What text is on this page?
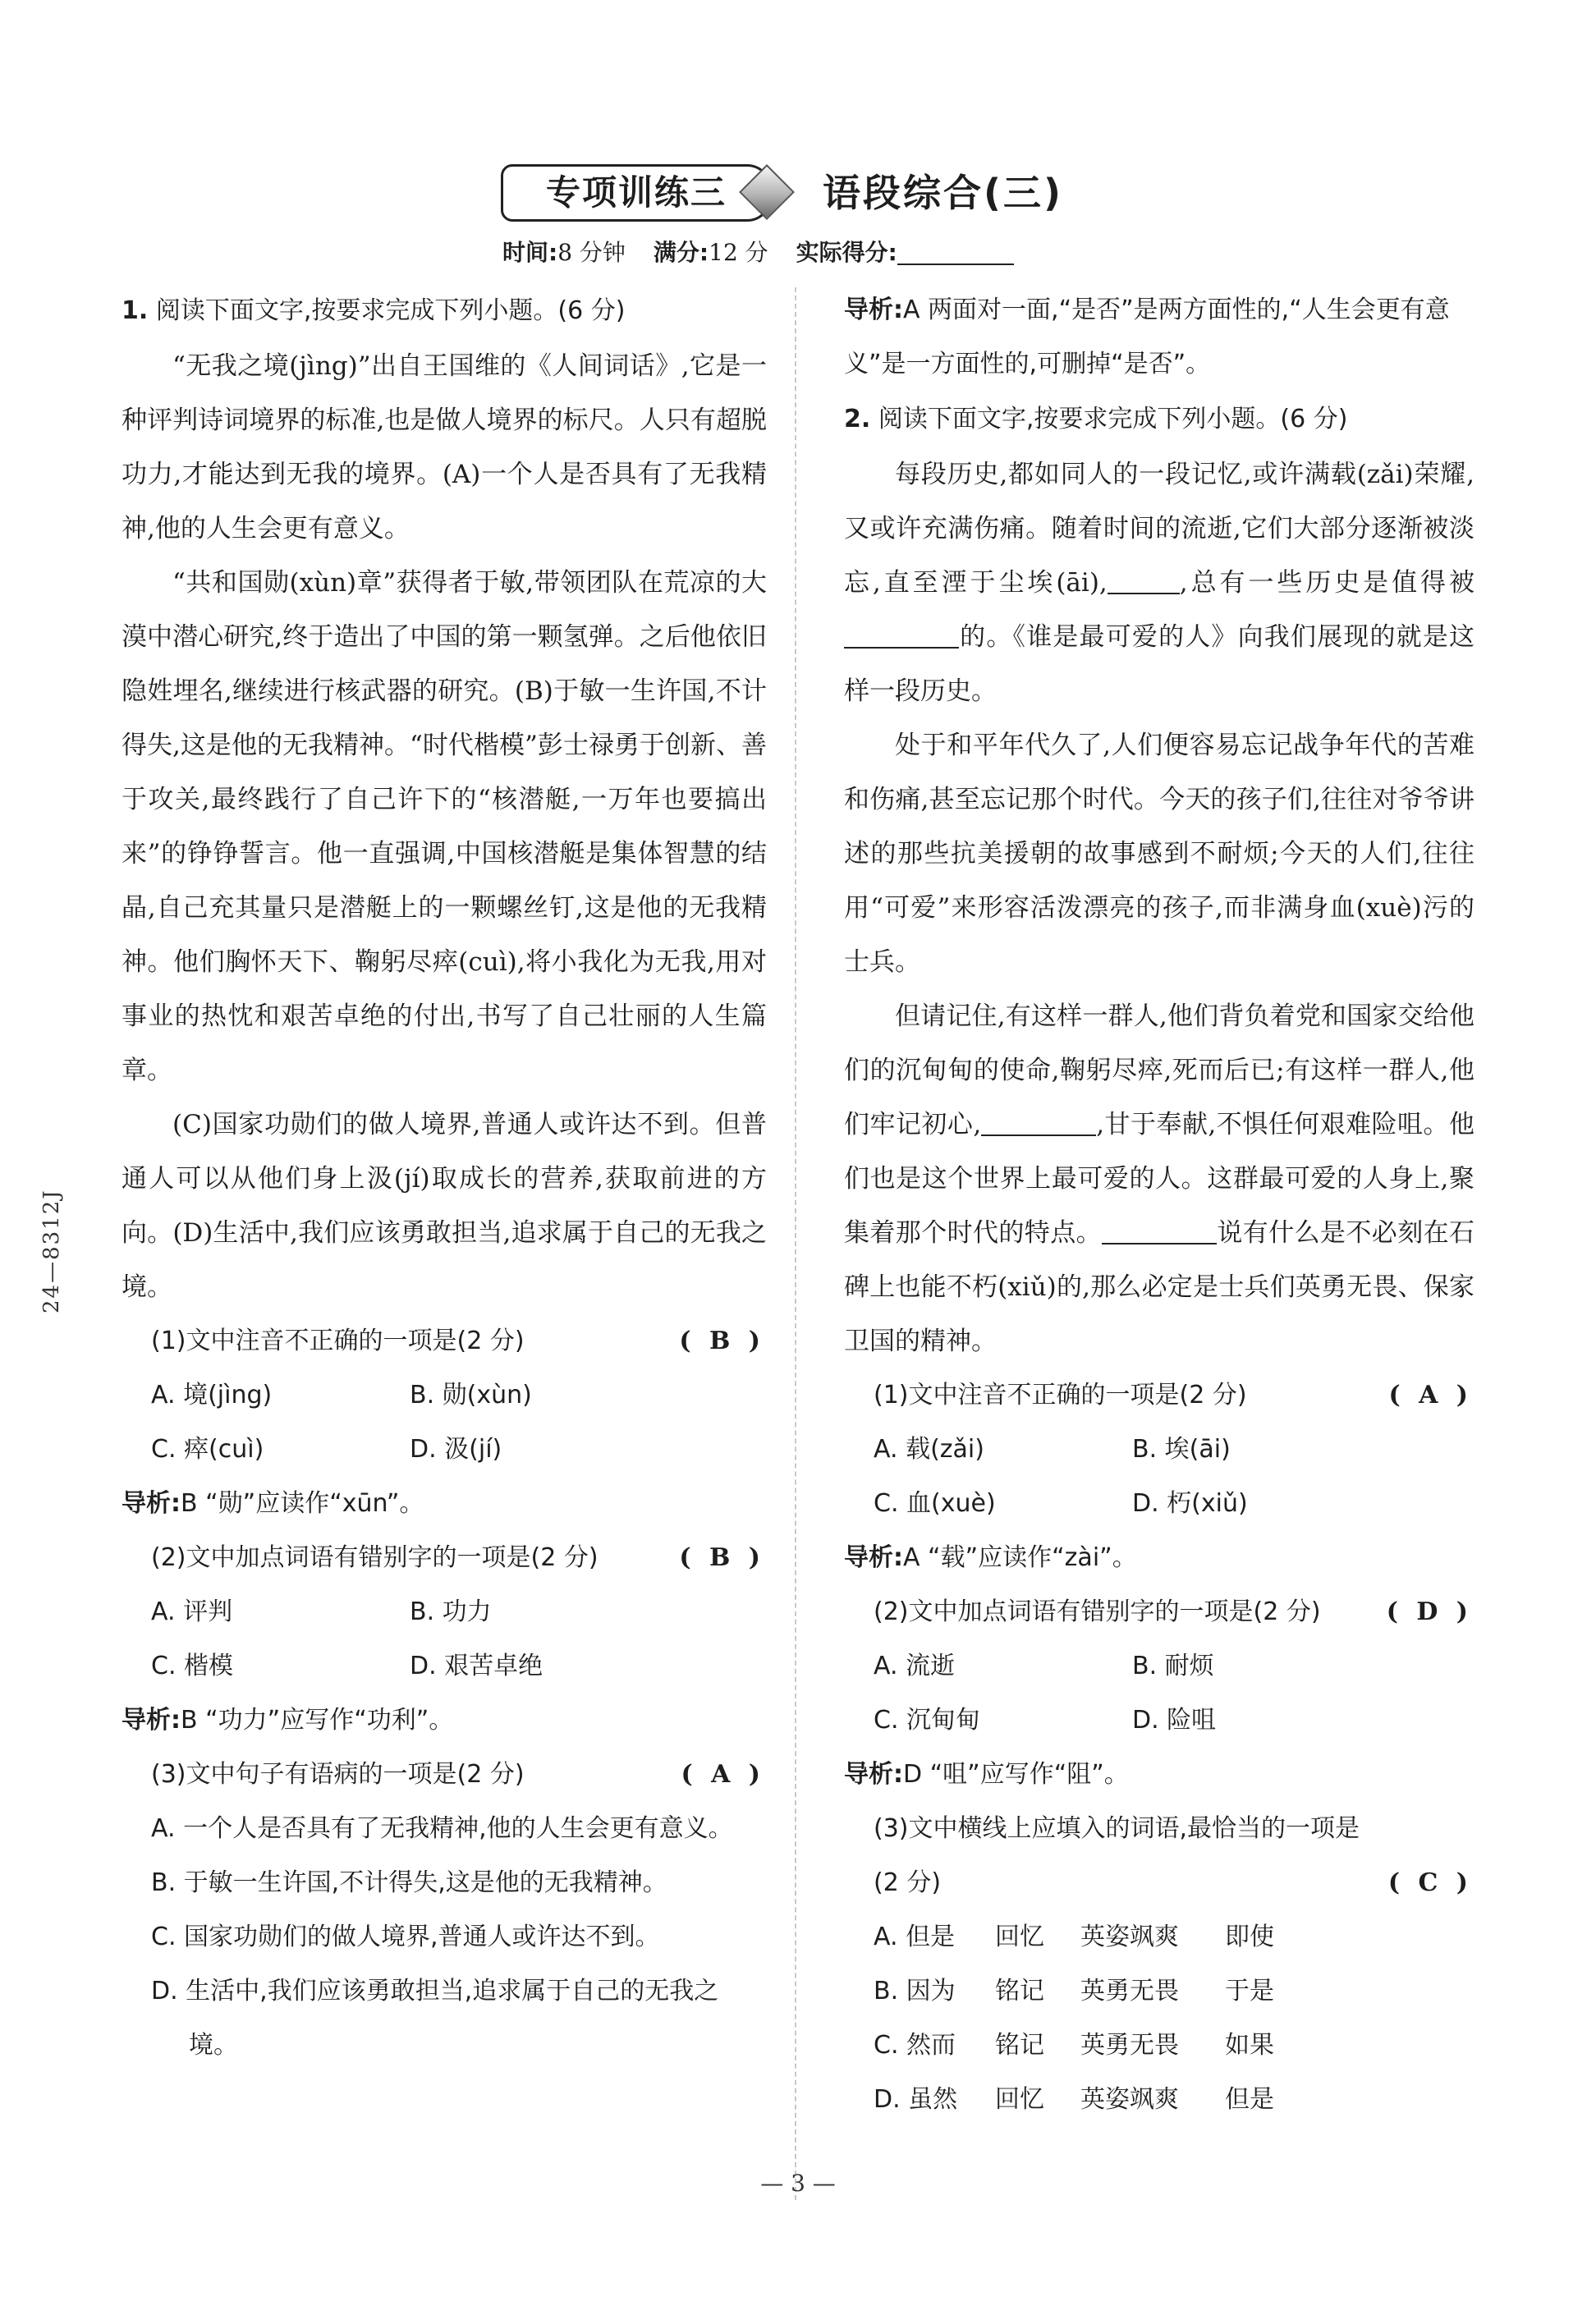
专项训练三	语段综合(三)
时间:8 分钟 满分:12 分 实际得分:
1. 阅读下面文字,按要求完成下列小题。(6 分)
“无我之境(jìng)”出自王国维的《人间词话》,它是一种评判诗词境界的标准,也是做人境界的标尺。人只有超脱功力,才能达到无我的境界。(A)一个人是否具有了无我精神,他的人生会更有意义。
“共和国勋(xùn)章”获得者于敏,带领团队在荒凉的大漠中潜心研究,终于造出了中国的第一颗氢弹。之后他依旧隐姓埋名,继续进行核武器的研究。(B)于敏一生许国,不计得失,这是他的无我精神。“时代楷模”彭士禄勇于创新、善于攻关,最终践行了自己许下的“核潜艇,一万年也要搞出来”的铮铮誓言。他一直强调,中国核潜艇是集体智慧的结晶,自己充其量只是潜艇上的一颗螺丝钉,这是他的无我精神。他们胸怀天下、鞠躬尽瘁(cuì),将小我化为无我,用对事业的热忱和艰苦卓绝的付出,书写了自己壮丽的人生篇章。
(C)国家功勋们的做人境界,普通人或许达不到。但普通人可以从他们身上汲(jí)取成长的营养,获取前进的方向。(D)生活中,我们应该勇敢担当,追求属于自己的无我之境。
(1)文中注音不正确的一项是(2 分)	( B )
A. 境(jìng)	B. 勋(xùn)
C. 瘁(cuì)	D. 汲(jí)
导析:B “勋”应读作“xūn”。
(2)文中加点词语有错别字的一项是(2 分)	( B )
A. 评判	B. 功力
C. 楷模	D. 艰苦卓绝
导析:B “功力”应写作“功利”。
(3)文中句子有语病的一项是(2 分)	( A )
A. 一个人是否具有了无我精神,他的人生会更有意义。
B. 于敏一生许国,不计得失,这是他的无我精神。
C. 国家功勋们的做人境界,普通人或许达不到。
D. 生活中,我们应该勇敢担当,追求属于自己的无我之境。
导析:A 两面对一面,“是否”是两方面性的,“人生会更有意义”是一方面性的,可删掉“是否”。
2. 阅读下面文字,按要求完成下列小题。(6 分)
每段历史,都如同人的一段记忆,或许满载(zǎi)荣耀,又或许充满伤痛。随着时间的流逝,它们大部分逐渐被淡忘,直至湮于尘埃(āi),	,总有一些历史是值得被的。《谁是最可爱的人》向我们展现的就是这样一段历史。
处于和平年代久了,人们便容易忘记战争年代的苦难和伤痛,甚至忘记那个时代。今天的孩子们,往往对爷爷讲述的那些抗美援朝的故事感到不耐烦;今天的人们,往往用“可爱”来形容活泼漂亮的孩子,而非满身血(xuè)污的士兵。
但请记住,有这样一群人,他们背负着党和国家交给他们的沉甸甸的使命,鞠躬尽瘁,死而后已;有这样一群人,他们牢记初心,	,甘于奉献,不惧任何艰难险咀。他们也是这个世界上最可爱的人。这群最可爱的人身上,聚集着那个时代的特点。	说有什么是不必刻在石碑上也能不朽(xiǔ)的,那么必定是士兵们英勇无畏、保家卫国的精神。
(1)文中注音不正确的一项是(2 分)	( A )
A. 载(zǎi)	B. 埃(āi)
C. 血(xuè)	D. 朽(xiǔ)
导析:A “载”应读作“zài”。
(2)文中加点词语有错别字的一项是(2 分)	( D )
A. 流逝	B. 耐烦
C. 沉甸甸	D. 险咀
导析:D “咀”应写作“阻”。
(3)文中横线上应填入的词语,最恰当的一项是
(2 分)	( C )
A. 但是	回忆	英姿飒爽	即使
B. 因为	铭记	英勇无畏	于是
C. 然而	铭记	英勇无畏	如果
D. 虽然	回忆	英姿飒爽	但是
24—8312J
— 3 —
